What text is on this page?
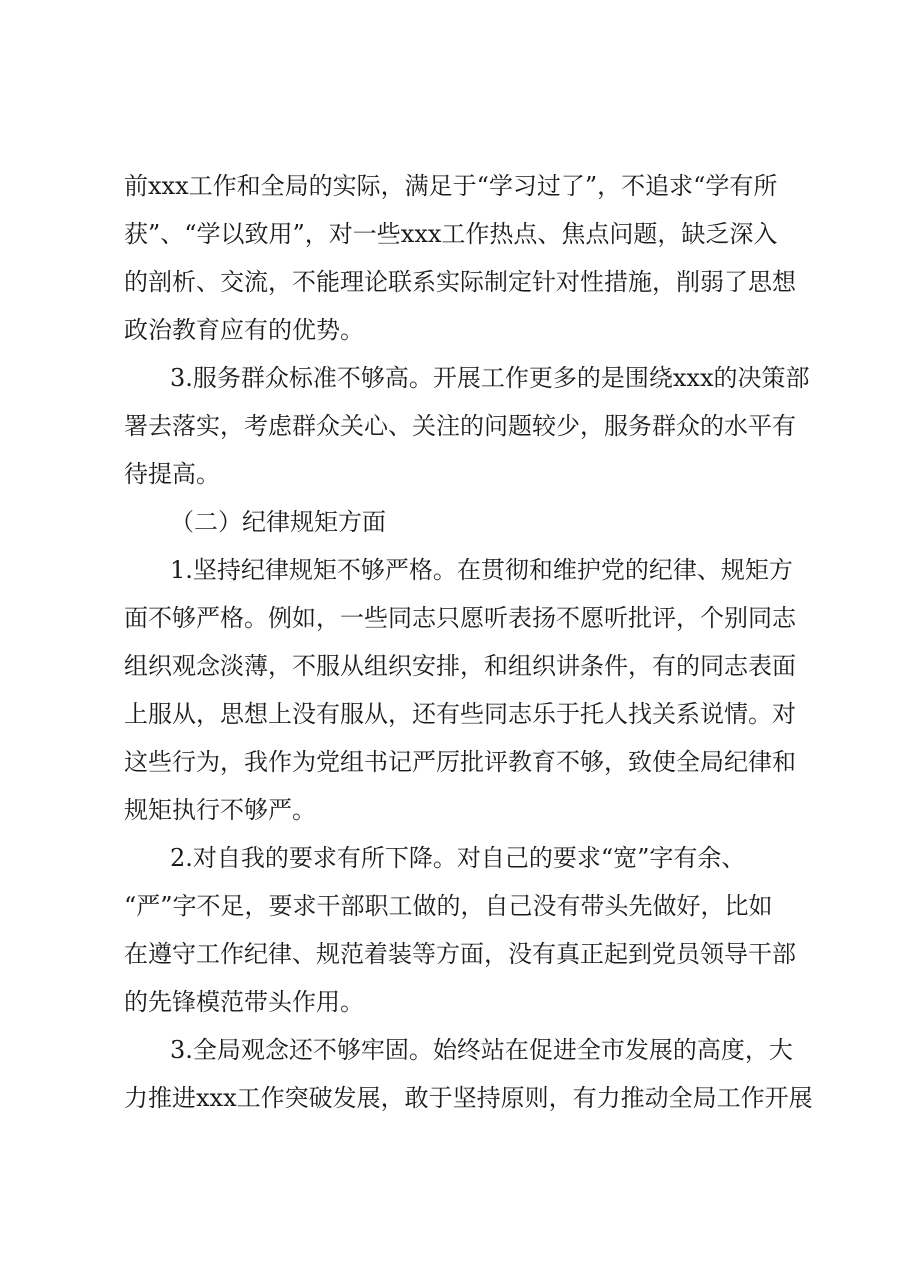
前xxx工作和全局的实际，满足于“学习过了”，不追求“学有所
获”、“学以致用”，对一些xxx工作热点、焦点问题，缺乏深入
的剖析、交流，不能理论联系实际制定针对性措施，削弱了思想
政治教育应有的优势。
3.服务群众标准不够高。开展工作更多的是围绕xxx的决策部
署去落实，考虑群众关心、关注的问题较少，服务群众的水平有
待提高。
（二）纪律规矩方面
1.坚持纪律规矩不够严格。在贯彻和维护党的纪律、规矩方
面不够严格。例如，一些同志只愿听表扬不愿听批评，个别同志
组织观念淡薄，不服从组织安排，和组织讲条件，有的同志表面
上服从，思想上没有服从，还有些同志乐于托人找关系说情。对
这些行为，我作为党组书记严厉批评教育不够，致使全局纪律和
规矩执行不够严。
2.对自我的要求有所下降。对自己的要求“宽”字有余、
“严”字不足，要求干部职工做的，自己没有带头先做好，比如
在遵守工作纪律、规范着装等方面，没有真正起到党员领导干部
的先锋模范带头作用。
3.全局观念还不够牢固。始终站在促进全市发展的高度，大
力推进xxx工作突破发展，敢于坚持原则，有力推动全局工作开展
